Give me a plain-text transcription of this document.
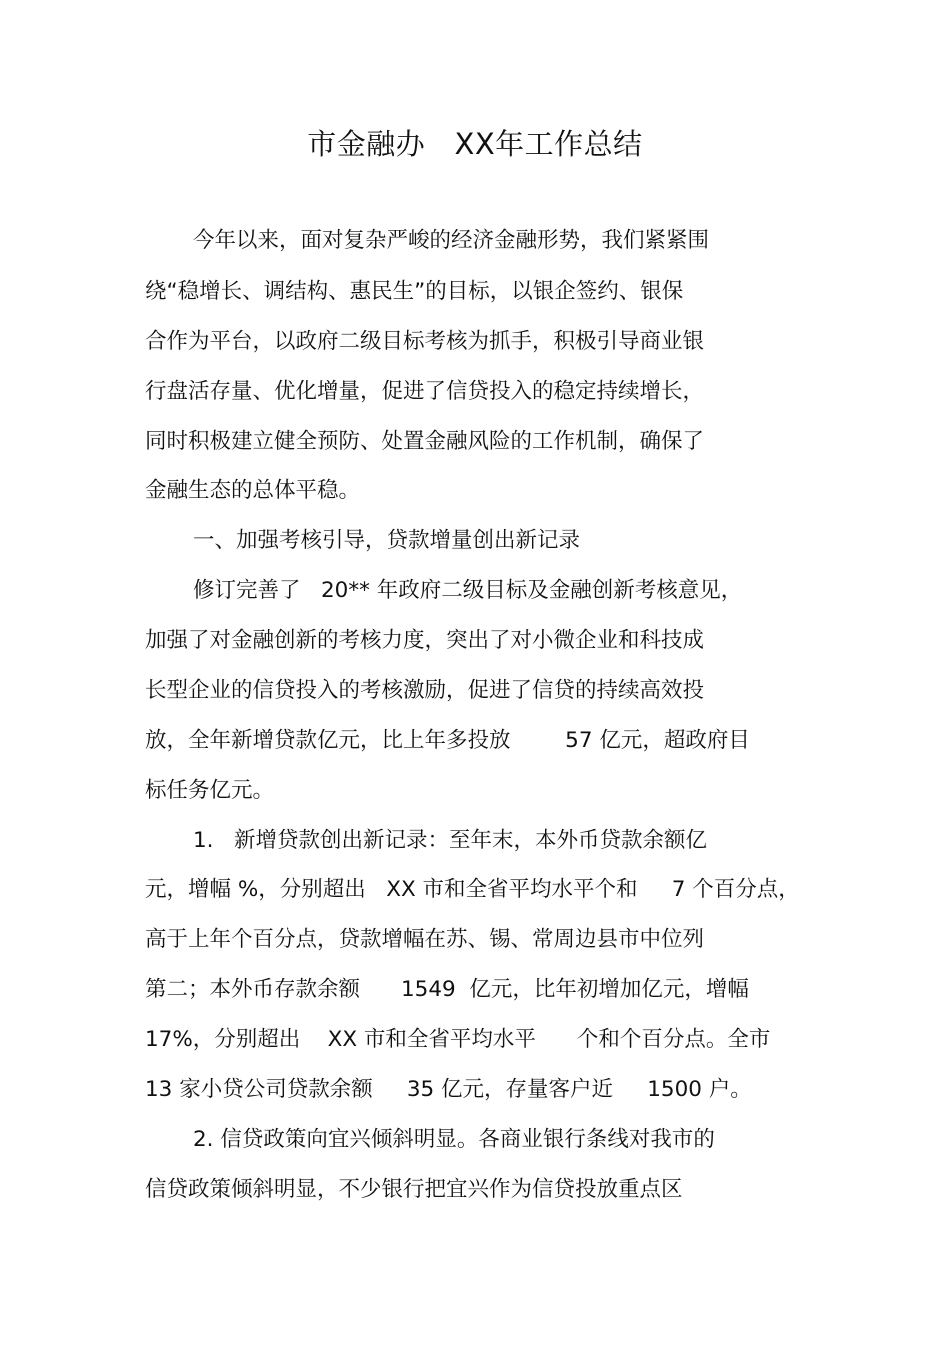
市金融办   XX年工作总结
今年以来，面对复杂严峻的经济金融形势，我们紧紧围
绕“稳增长、调结构、惠民生”的目标，以银企签约、银保
合作为平台，以政府二级目标考核为抓手，积极引导商业银
行盘活存量、优化增量，促进了信贷投入的稳定持续增长，
同时积极建立健全预防、处置金融风险的工作机制，确保了
金融生态的总体平稳。
一、加强考核引导，贷款增量创出新记录
修订完善了   20** 年政府二级目标及金融创新考核意见，
加强了对金融创新的考核力度，突出了对小微企业和科技成
长型企业的信贷投入的考核激励，促进了信贷的持续高效投
放，全年新增贷款亿元，比上年多投放        57 亿元，超政府目
标任务亿元。
1.   新增贷款创出新记录：至年末，本外币贷款余额亿
元，增幅 %，分别超出   XX 市和全省平均水平个和     7 个百分点，
高于上年个百分点，贷款增幅在苏、锡、常周边县市中位列
第二；本外币存款余额      1549  亿元，比年初增加亿元，增幅
17%，分别超出    XX 市和全省平均水平      个和个百分点。全市
13 家小贷公司贷款余额     35 亿元，存量客户近     1500 户。
2. 信贷政策向宜兴倾斜明显。各商业银行条线对我市的
信贷政策倾斜明显，不少银行把宜兴作为信贷投放重点区
